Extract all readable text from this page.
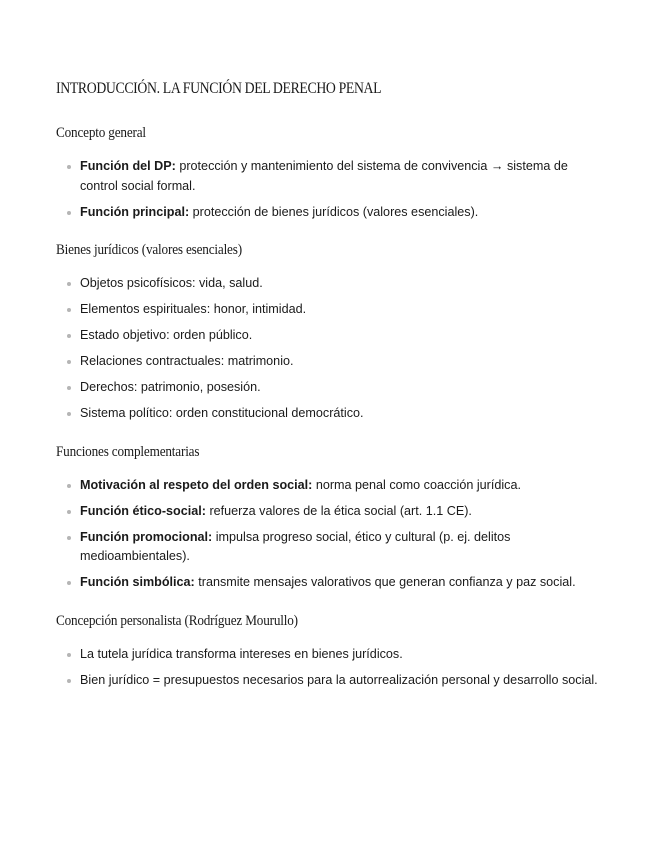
INTRODUCCIÓN. LA FUNCIÓN DEL DERECHO PENAL
Concepto general
Función del DP: protección y mantenimiento del sistema de convivencia → sistema de control social formal.
Función principal: protección de bienes jurídicos (valores esenciales).
Bienes jurídicos (valores esenciales)
Objetos psicofísicos: vida, salud.
Elementos espirituales: honor, intimidad.
Estado objetivo: orden público.
Relaciones contractuales: matrimonio.
Derechos: patrimonio, posesión.
Sistema político: orden constitucional democrático.
Funciones complementarias
Motivación al respeto del orden social: norma penal como coacción jurídica.
Función ético-social: refuerza valores de la ética social (art. 1.1 CE).
Función promocional: impulsa progreso social, ético y cultural (p. ej. delitos medioambientales).
Función simbólica: transmite mensajes valorativos que generan confianza y paz social.
Concepción personalista (Rodríguez Mourullo)
La tutela jurídica transforma intereses en bienes jurídicos.
Bien jurídico = presupuestos necesarios para la autorrealización personal y desarrollo social.
